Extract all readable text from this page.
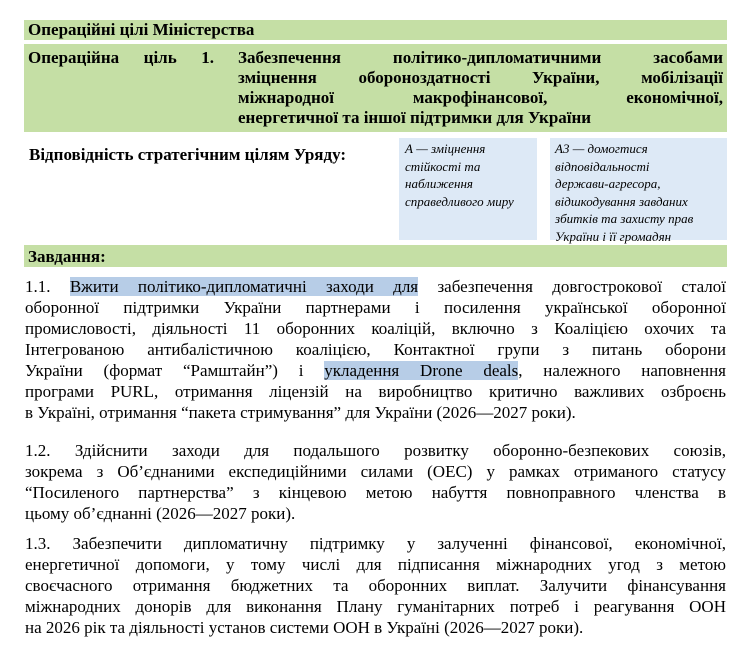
Операційні цілі Міністерства
Операційна ціль 1. Забезпечення політико-дипломатичними засобами
зміцнення обороноздатності України, мобілізації
міжнародної макрофінансової, економічної,
енергетичної та іншої підтримки для України
Відповідність стратегічним цілям Уряду:	А — зміцнення
стійкості та
наближення
справедливого миру
А3 — домогтися
відповідальності
держави-агресора,
відшкодування завданих
збитків та захисту прав
України і її громадян
Завдання:
1.1. Вжити політико-дипломатичні заходи для забезпечення довгострокової сталої
оборонної підтримки України партнерами і посилення української оборонної
промисловості, діяльності 11 оборонних коаліцій, включно з Коаліцією охочих та
Інтегрованою антибалістичною коаліцією, Контактної групи з питань оборони
України (формат “Рамштайн”) і укладення Drone deals, належного наповнення
програми PURL, отримання ліцензій на виробництво критично важливих озброєнь
в Україні, отримання “пакета стримування” для України (2026—2027 роки).
1.2. Здійснити заходи для подальшого розвитку оборонно-безпекових союзів,
зокрема з Об’єднаними експедиційними силами (OEC) у рамках отриманого статусу
“Посиленого партнерства” з кінцевою метою набуття повноправного членства в
цьому об’єднанні (2026—2027 роки).
1.3. Забезпечити дипломатичну підтримку у залученні фінансової, економічної,
енергетичної допомоги, у тому числі для підписання міжнародних угод з метою
своєчасного отримання бюджетних та оборонних виплат. Залучити фінансування
міжнародних донорів для виконання Плану гуманітарних потреб і реагування ООН
на 2026 рік та діяльності установ системи ООН в Україні (2026—2027 роки).
